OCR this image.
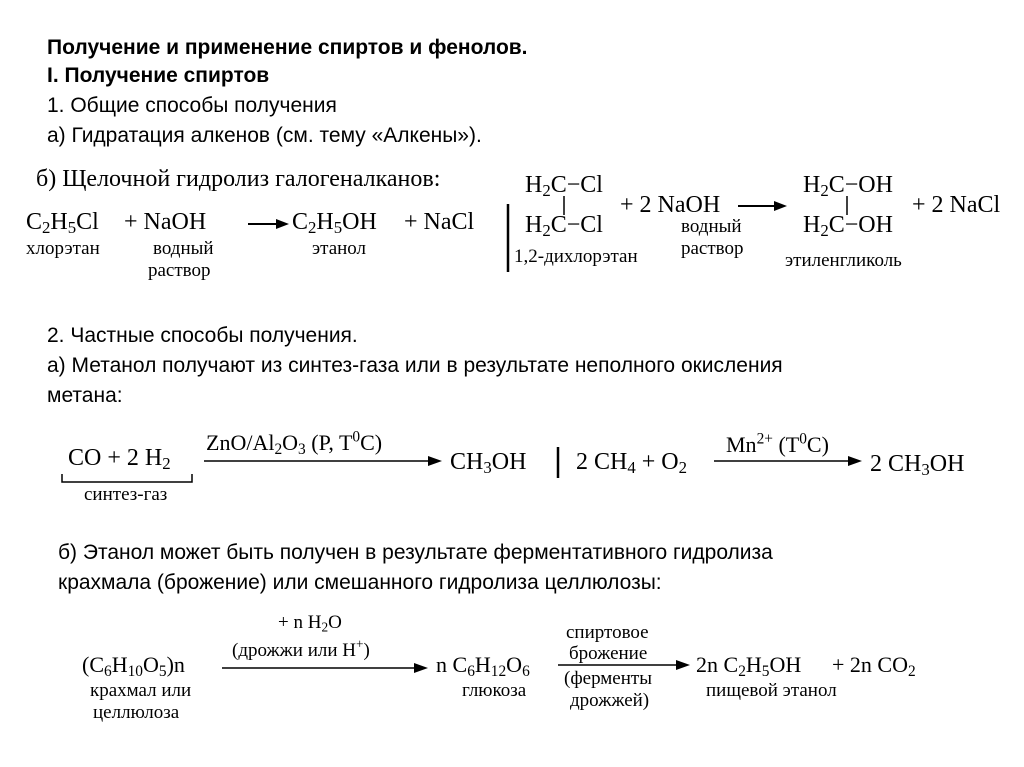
Получение и применение спиртов и фенолов.
I. Получение спиртов
1. Общие способы получения
а) Гидратация алкенов (см. тему «Алкены»).
б) Щелочной гидролиз галогеналканов:
$C_2H_5Cl$ + NaOH
хлорэтан	водный
раствор
$C_2H_5OH$
этанол
+ NaCl
$H_2C-Cl$
$H_2C-Cl$
1,2-дихлорэтан
+ 2 NaOH
водный
раствор
$H_2C-OH$
$H_2C-OH$
этиленгликоль
+ 2 NaCl
2. Частные способы получения.
а) Метанол получают из синтез-газа или в результате неполного окисления
метана:
CO + 2 $H_2$
синтез-газ
ZnO/$Al_2O_3$ (P, $T^0C$)
$CH_3OH$ 2 $CH_4 + O_2$
$Mn^{2+}$ $(T^0C)$
2 $CH_3OH$
б) Этанол может быть получен в результате ферментативного гидролиза
крахмала (брожение) или смешанного гидролиза целлюлозы:
$(C_6H_{10}O_5)n$
крахмал или
целлюлоза
+ n $H_2O$
(дрожжи или H+)
n $C_6H_{12}O_6$
глюкоза
спиртовое
брожение
(ферменты
дрожжей)
2n $C_2H_5OH + 2n$ $CO_2$
пищевой этанол
